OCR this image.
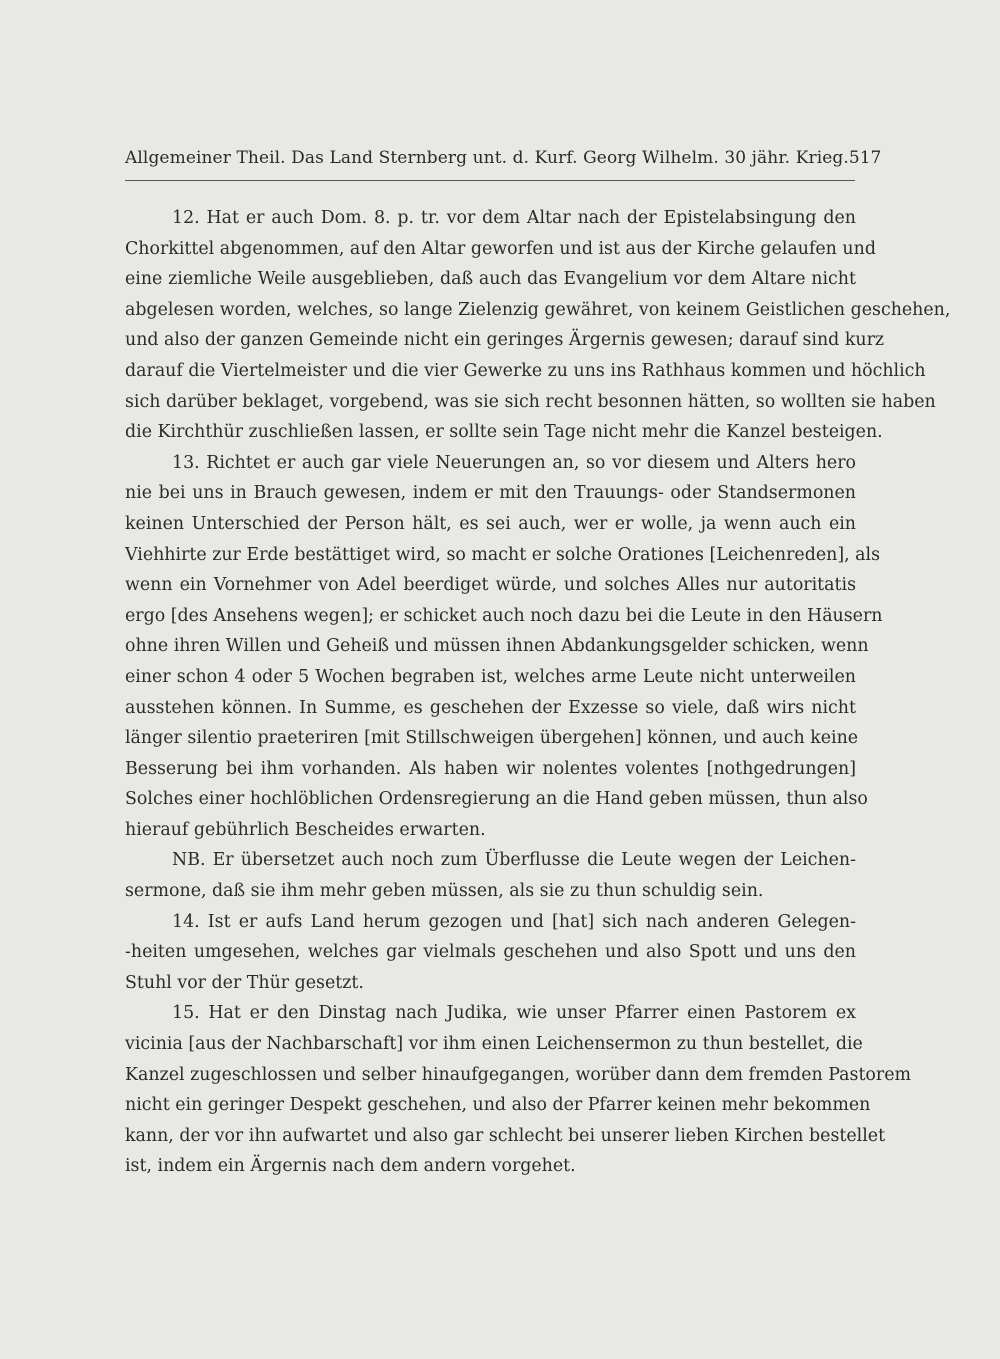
Allgemeiner Theil. Das Land Sternberg unt. d. Kurf. Georg Wilhelm. 30 jähr. Krieg. 517
12. Hat er auch Dom. 8. p. tr. vor dem Altar nach der Epistelabsingung den
Chorkittel abgenommen, auf den Altar geworfen und ist aus der Kirche gelaufen und
eine ziemliche Weile ausgeblieben, daß auch das Evangelium vor dem Altare nicht
abgelesen worden, welches, so lange Zielenzig gewähret, von keinem Geistlichen geschehen,
und also der ganzen Gemeinde nicht ein geringes Ärgernis gewesen; darauf sind kurz
darauf die Viertelmeister und die vier Gewerke zu uns ins Rathhaus kommen und höchlich
sich darüber beklaget, vorgebend, was sie sich recht besonnen hätten, so wollten sie haben
die Kirchthür zuschließen lassen, er sollte sein Tage nicht mehr die Kanzel besteigen.
13. Richtet er auch gar viele Neuerungen an, so vor diesem und Alters hero
nie bei uns in Brauch gewesen, indem er mit den Trauungs- oder Standsermonen
keinen Unterschied der Person hält, es sei auch, wer er wolle, ja wenn auch ein
Viehhirte zur Erde bestättiget wird, so macht er solche Orationes [Leichenreden], als
wenn ein Vornehmer von Adel beerdiget würde, und solches Alles nur autoritatis
ergo [des Ansehens wegen]; er schicket auch noch dazu bei die Leute in den Häusern
ohne ihren Willen und Geheiß und müssen ihnen Abdankungsgelder schicken, wenn
einer schon 4 oder 5 Wochen begraben ist, welches arme Leute nicht unterweilen
ausstehen können. In Summe, es geschehen der Exzesse so viele, daß wirs nicht
länger silentio praeteriren [mit Stillschweigen übergehen] können, und auch keine
Besserung bei ihm vorhanden. Als haben wir nolentes volentes [nothgedrungen]
Solches einer hochlöblichen Ordensregierung an die Hand geben müssen, thun also
hierauf gebührlich Bescheides erwarten.
NB. Er übersetzet auch noch zum Überflusse die Leute wegen der Leichen-
sermone, daß sie ihm mehr geben müssen, als sie zu thun schuldig sein.
14. Ist er aufs Land herum gezogen und [hat] sich nach anderen Gelegen-
-heiten umgesehen, welches gar vielmals geschehen und also Spott und uns den
Stuhl vor der Thür gesetzt.
15. Hat er den Dinstag nach Judika, wie unser Pfarrer einen Pastorem ex
vicinia [aus der Nachbarschaft] vor ihm einen Leichensermon zu thun bestellet, die
Kanzel zugeschlossen und selber hinaufgegangen, worüber dann dem fremden Pastorem
nicht ein geringer Despekt geschehen, und also der Pfarrer keinen mehr bekommen
kann, der vor ihn aufwartet und also gar schlecht bei unserer lieben Kirchen bestellet
ist, indem ein Ärgernis nach dem andern vorgehet.
